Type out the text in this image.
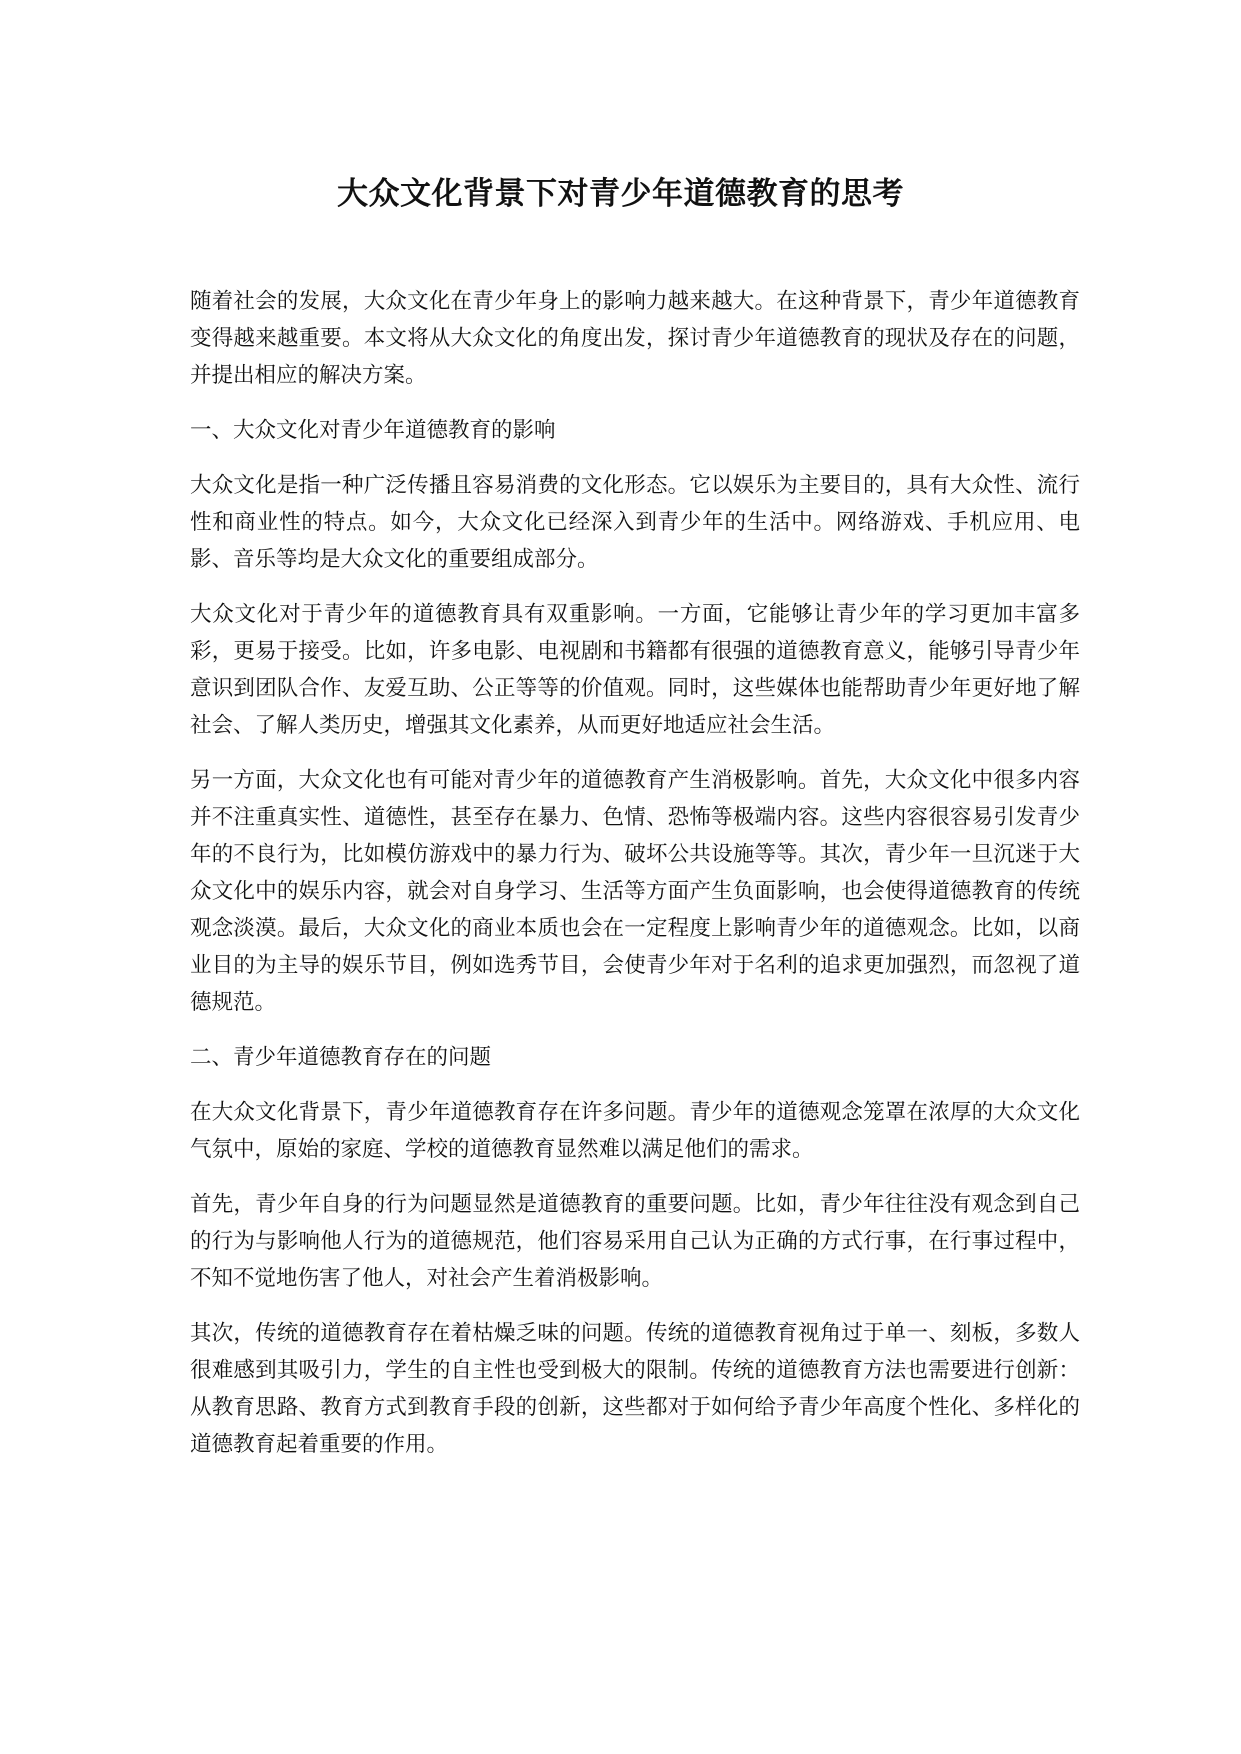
大众文化背景下对青少年道德教育的思考

随着社会的发展，大众文化在青少年身上的影响力越来越大。在这种背景下，青少年道德教育变得越来越重要。本文将从大众文化的角度出发，探讨青少年道德教育的现状及存在的问题，并提出相应的解决方案。

一、大众文化对青少年道德教育的影响

大众文化是指一种广泛传播且容易消费的文化形态。它以娱乐为主要目的，具有大众性、流行性和商业性的特点。如今，大众文化已经深入到青少年的生活中。网络游戏、手机应用、电影、音乐等均是大众文化的重要组成部分。

大众文化对于青少年的道德教育具有双重影响。一方面，它能够让青少年的学习更加丰富多彩，更易于接受。比如，许多电影、电视剧和书籍都有很强的道德教育意义，能够引导青少年意识到团队合作、友爱互助、公正等等的价值观。同时，这些媒体也能帮助青少年更好地了解社会、了解人类历史，增强其文化素养，从而更好地适应社会生活。

另一方面，大众文化也有可能对青少年的道德教育产生消极影响。首先，大众文化中很多内容并不注重真实性、道德性，甚至存在暴力、色情、恐怖等极端内容。这些内容很容易引发青少年的不良行为，比如模仿游戏中的暴力行为、破坏公共设施等等。其次，青少年一旦沉迷于大众文化中的娱乐内容，就会对自身学习、生活等方面产生负面影响，也会使得道德教育的传统观念淡漠。最后，大众文化的商业本质也会在一定程度上影响青少年的道德观念。比如，以商业目的为主导的娱乐节目，例如选秀节目，会使青少年对于名利的追求更加强烈，而忽视了道德规范。

二、青少年道德教育存在的问题

在大众文化背景下，青少年道德教育存在许多问题。青少年的道德观念笼罩在浓厚的大众文化气氛中，原始的家庭、学校的道德教育显然难以满足他们的需求。

首先，青少年自身的行为问题显然是道德教育的重要问题。比如，青少年往往没有观念到自己的行为与影响他人行为的道德规范，他们容易采用自己认为正确的方式行事，在行事过程中，不知不觉地伤害了他人，对社会产生着消极影响。

其次，传统的道德教育存在着枯燥乏味的问题。传统的道德教育视角过于单一、刻板，多数人很难感到其吸引力，学生的自主性也受到极大的限制。传统的道德教育方法也需要进行创新：从教育思路、教育方式到教育手段的创新，这些都对于如何给予青少年高度个性化、多样化的道德教育起着重要的作用。
